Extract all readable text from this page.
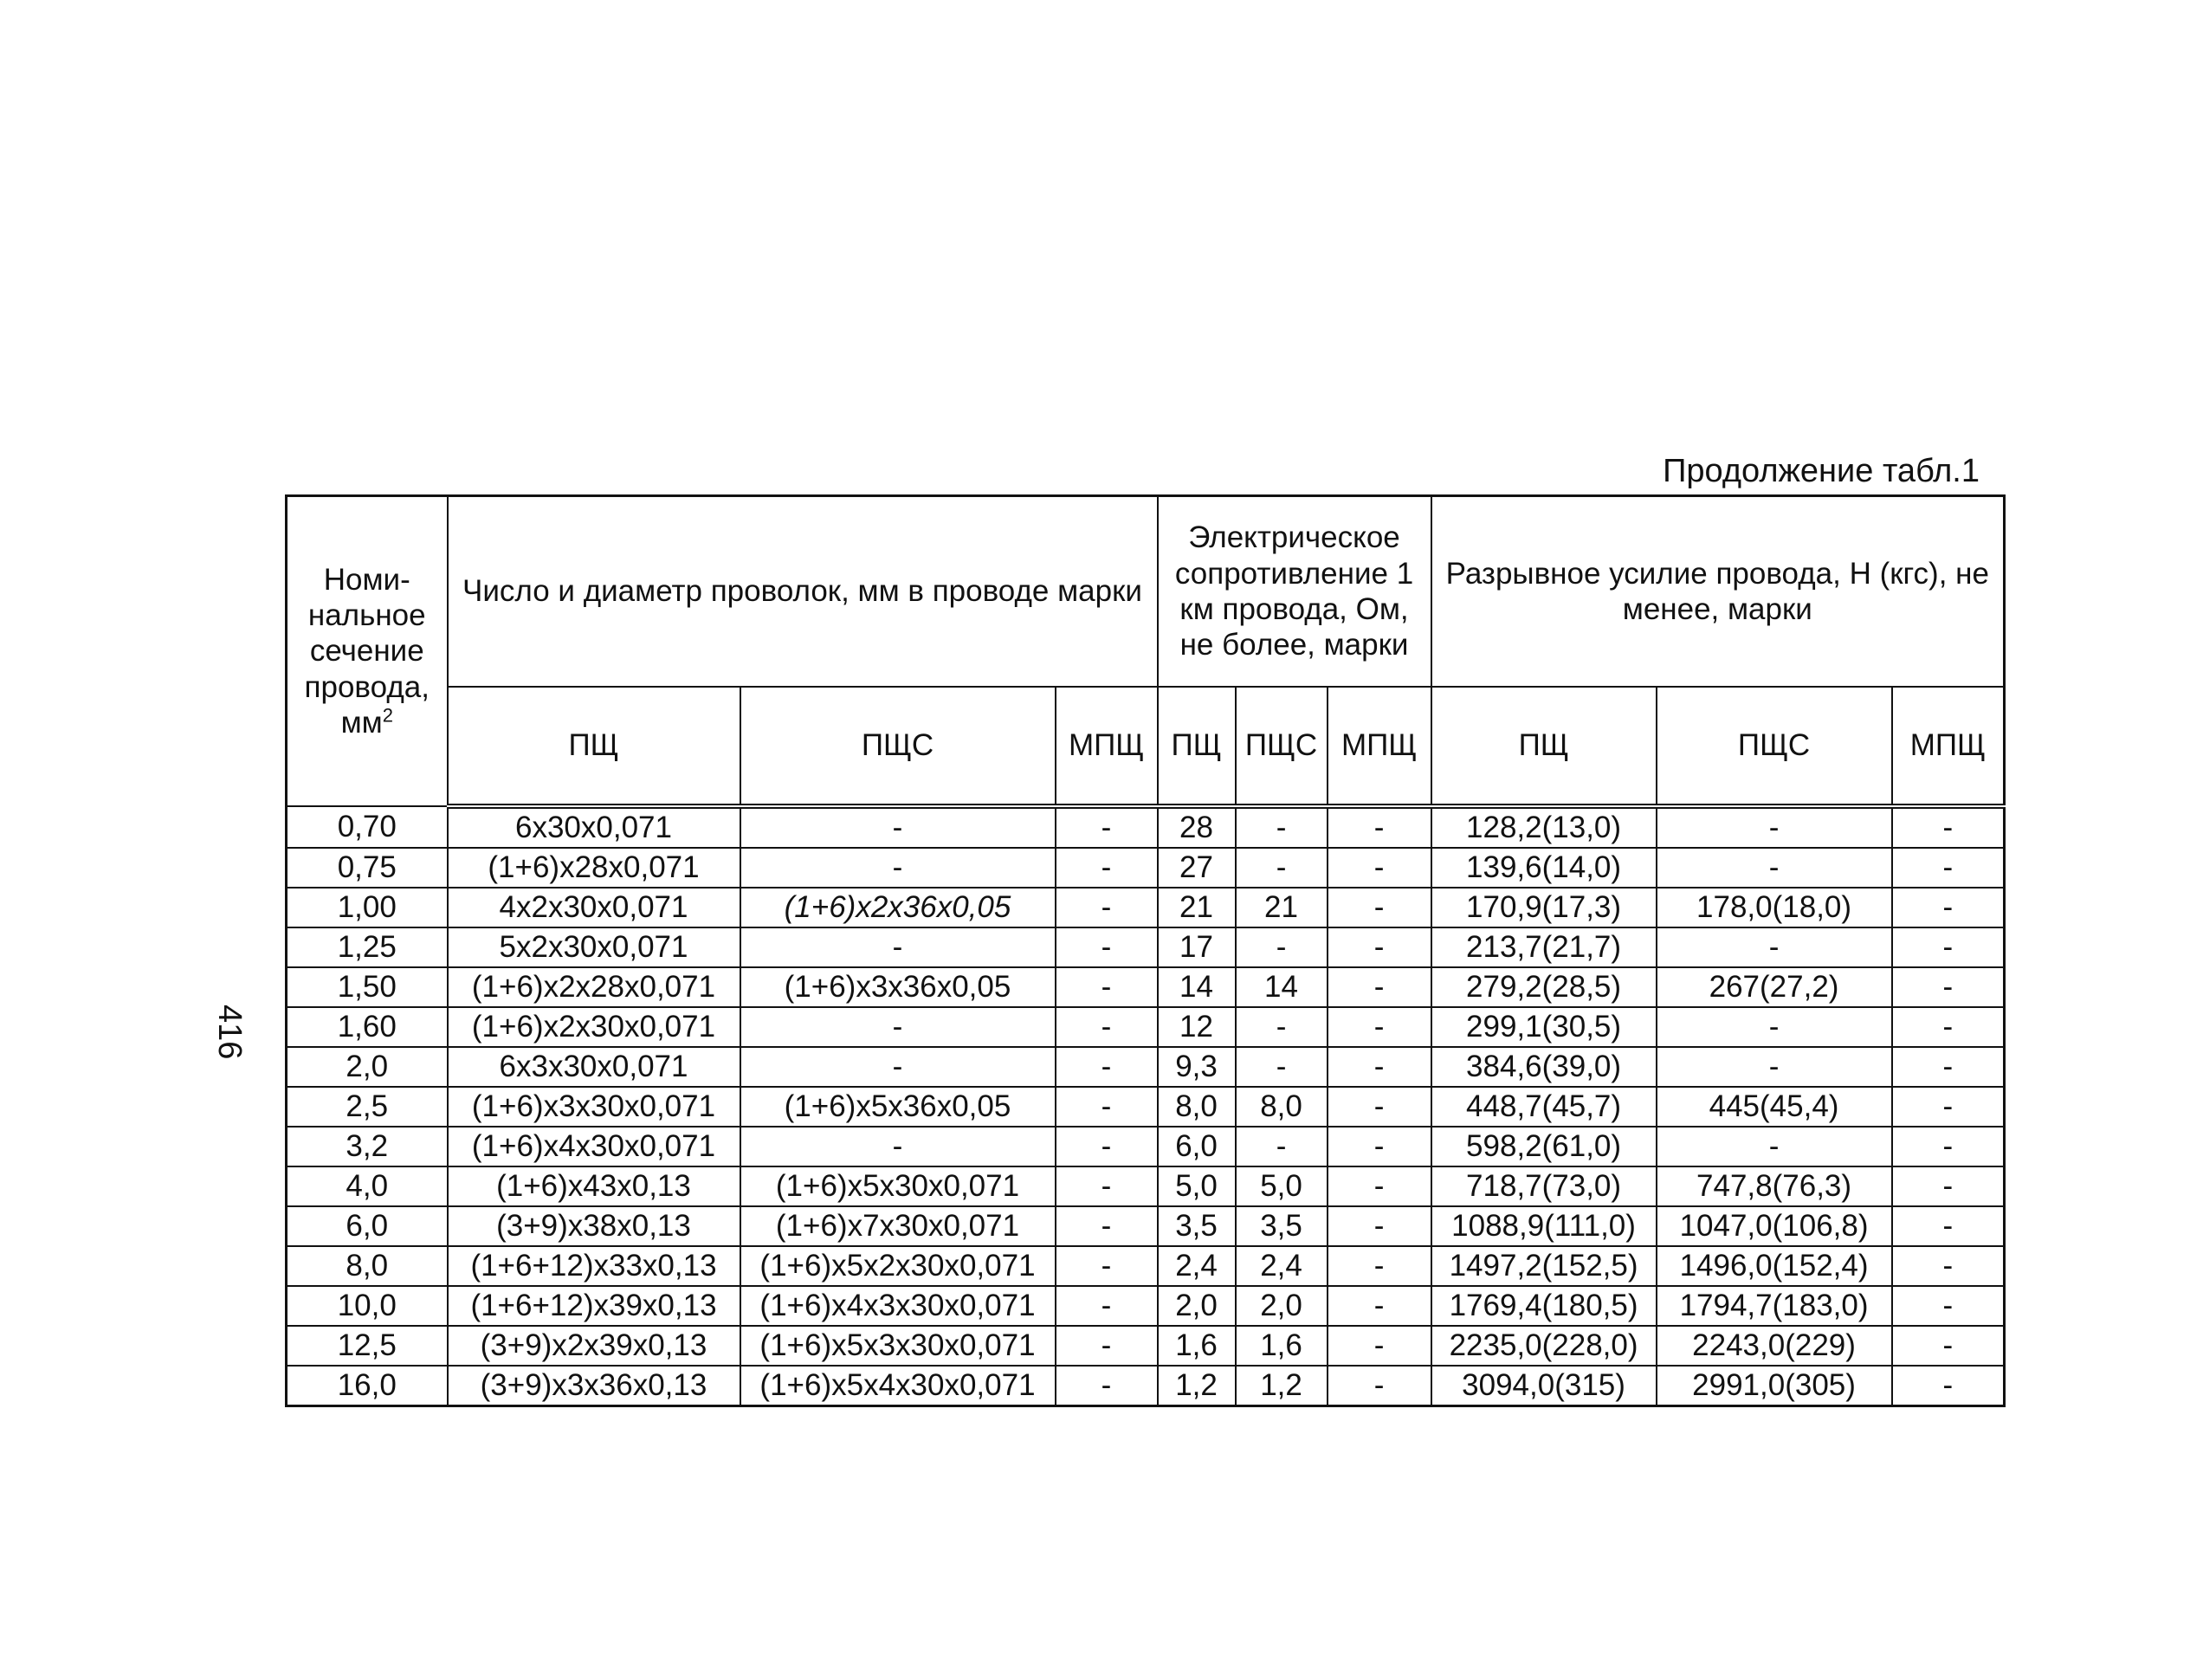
416
Продолжение табл.1
Номи-нальное сечение провода, $мм^2$	Число и диаметр проволок, мм в проводе марки			Электрическое сопротивление 1 км провода, Ом, не более, марки			Разрывное усилие провода, Н (кгс), не менее, марки		
	ПЩ	ПЩС	МПЩ	ПЩ	ПЩС	МПЩ	ПЩ	ПЩС	МПЩ
0,70	6x30x0,071	-	-	28	-	-	128,2(13,0)	-	-
0,75	(1+6)x28x0,071	-	-	27	-	-	139,6(14,0)	-	-
1,00	4x2x30x0,071	(1+6)x2x36x0,05	-	21	21	-	170,9(17,3)	178,0(18,0)	-
1,25	5x2x30x0,071	-	-	17	-	-	213,7(21,7)	-	-
1,50	(1+6)x2x28x0,071	(1+6)x3x36x0,05	-	14	14	-	279,2(28,5)	267(27,2)	-
1,60	(1+6)x2x30x0,071	-	-	12	-	-	299,1(30,5)	-	-
2,0	6x3x30x0,071	-	-	9,3	-	-	384,6(39,0)	-	-
2,5	(1+6)x3x30x0,071	(1+6)x5x36x0,05	-	8,0	8,0	-	448,7(45,7)	445(45,4)	-
3,2	(1+6)x4x30x0,071	-	-	6,0	-	-	598,2(61,0)	-	-
4,0	(1+6)x43x0,13	(1+6)x5x30x0,071	-	5,0	5,0	-	718,7(73,0)	747,8(76,3)	-
6,0	(3+9)x38x0,13	(1+6)x7x30x0,071	-	3,5	3,5	-	1088,9(111,0)	1047,0(106,8)	-
8,0	(1+6+12)x33x0,13	(1+6)x5x2x30x0,071	-	2,4	2,4	-	1497,2(152,5)	1496,0(152,4)	-
10,0	(1+6+12)x39x0,13	(1+6)x4x3x30x0,071	-	2,0	2,0	-	1769,4(180,5)	1794,7(183,0)	-
12,5	(3+9)x2x39x0,13	(1+6)x5x3x30x0,071	-	1,6	1,6	-	2235,0(228,0)	2243,0(229)	-
16,0	(3+9)x3x36x0,13	(1+6)x5x4x30x0,071	-	1,2	1,2	-	3094,0(315)	2991,0(305)	-
